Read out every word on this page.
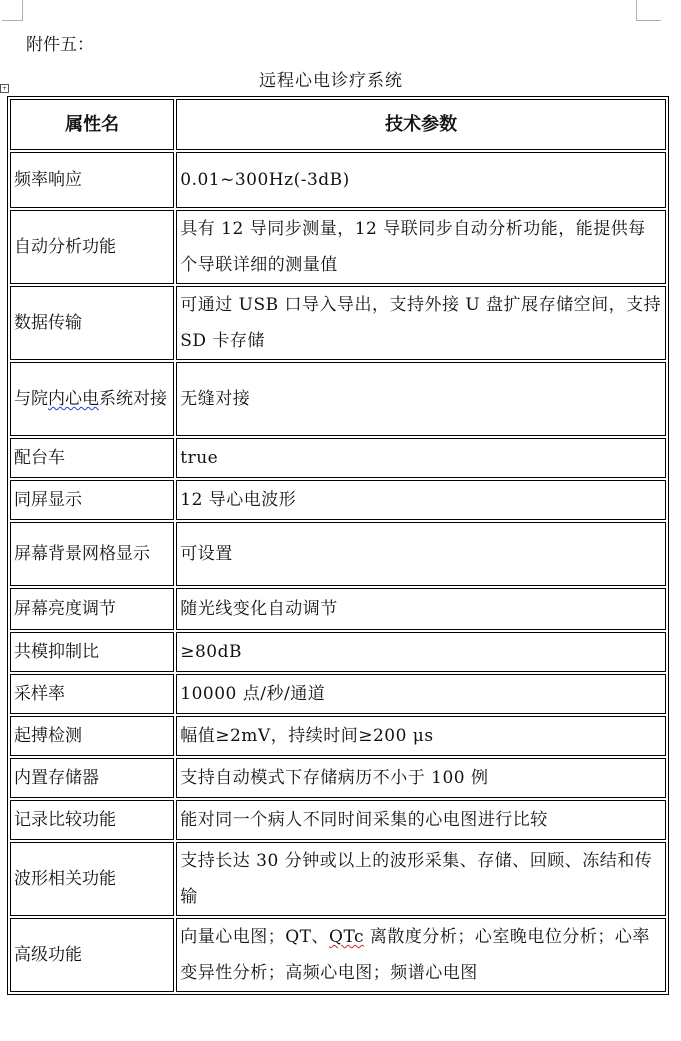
+
附件五：
远程心电诊疗系统
属性名	技术参数
频率响应	0.01~300Hz(-3dB)
自动分析功能	具有 12 导同步测量，12 导联同步自动分析功能，能提供每个导联详细的测量值
数据传输	可通过 USB 口导入导出，支持外接 U 盘扩展存储空间，支持 SD 卡存储
与院内心电系统对接	无缝对接
配台车	true
同屏显示	12 导心电波形
屏幕背景网格显示	可设置
屏幕亮度调节	随光线变化自动调节
共模抑制比	≥80dB
采样率	10000 点/秒/通道
起搏检测	幅值≥2mV，持续时间≥200 μs
内置存储器	支持自动模式下存储病历不小于 100 例
记录比较功能	能对同一个病人不同时间采集的心电图进行比较
波形相关功能	支持长达 30 分钟或以上的波形采集、存储、回顾、冻结和传输
高级功能	向量心电图；QT、QTc 离散度分析；心室晚电位分析；心率变异性分析；高频心电图；频谱心电图
